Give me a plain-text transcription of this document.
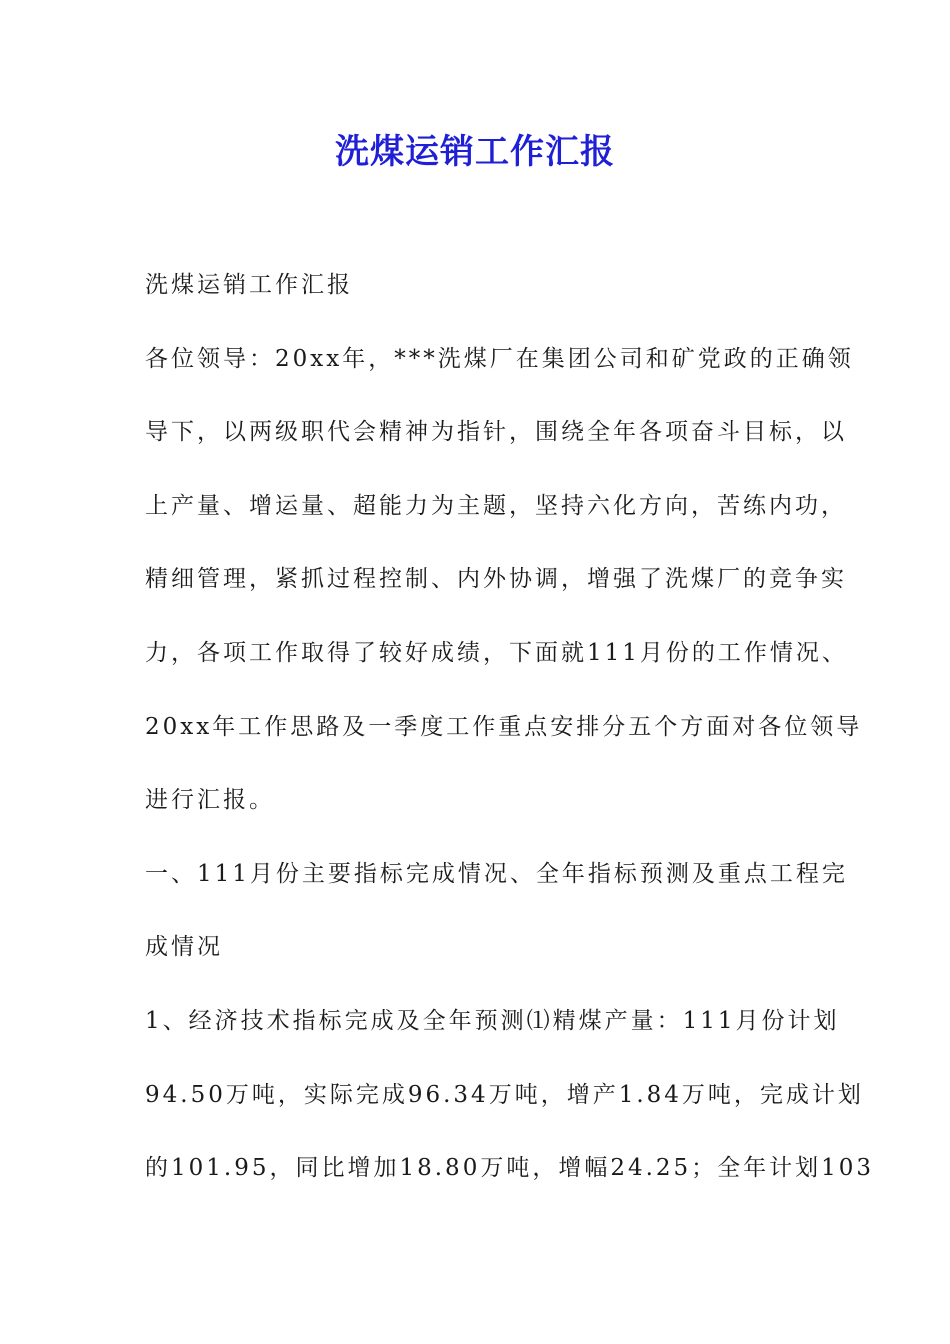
洗煤运销工作汇报
洗煤运销工作汇报
各位领导：20xx年，***洗煤厂在集团公司和矿党政的正确领
导下，以两级职代会精神为指针，围绕全年各项奋斗目标，以
上产量、增运量、超能力为主题，坚持六化方向，苦练内功，
精细管理，紧抓过程控制、内外协调，增强了洗煤厂的竞争实
力，各项工作取得了较好成绩，下面就111月份的工作情况、
20xx年工作思路及一季度工作重点安排分五个方面对各位领导
进行汇报。
一、111月份主要指标完成情况、全年指标预测及重点工程完
成情况
1、经济技术指标完成及全年预测⑴精煤产量：111月份计划
94.50万吨，实际完成96.34万吨，增产1.84万吨，完成计划
的101.95，同比增加18.80万吨，增幅24.25；全年计划103
